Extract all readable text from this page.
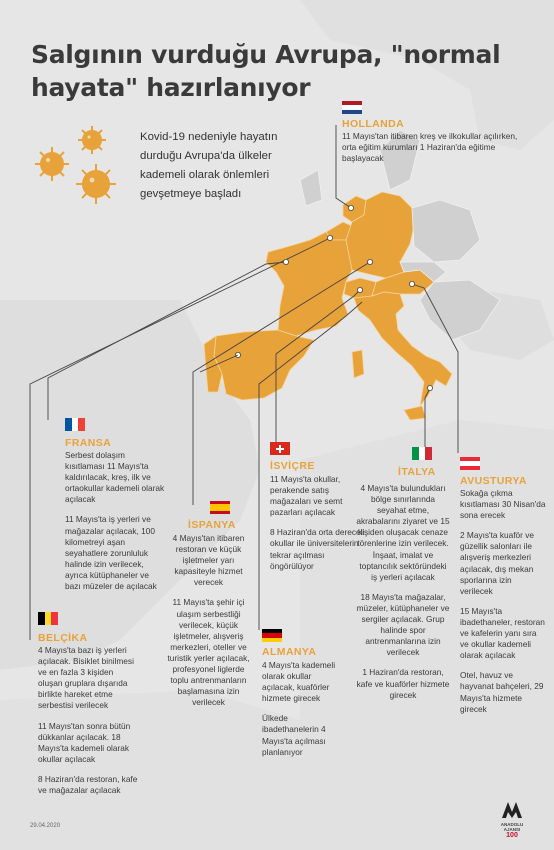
Salgının vurduğu Avrupa, "normal hayata" hazırlanıyor
Kovid-19 nedeniyle hayatın durduğu Avrupa'da ülkeler kademeli olarak önlemleri gevşetmeye başladı
HOLLANDA
11 Mayıs'tan itibaren kreş ve ilkokullar açılırken, orta eğitim kurumları 1 Haziran'da eğitime başlayacak
FRANSA

Serbest dolaşım kısıtlaması 11 Mayıs'ta kaldırılacak, kreş, ilk ve ortaokullar kademeli olarak açılacak

11 Mayıs'ta iş yerleri ve mağazalar açılacak, 100 kilometreyi aşan seyahatlere zorunluluk halinde izin verilecek, ayrıca kütüphaneler ve bazı müzeler de açılacak

BELÇİKA

4 Mayıs'ta bazı iş yerleri açılacak. Bisiklet binilmesi ve en fazla 3 kişiden oluşan gruplara dışarıda birlikte hareket etme serbestisi verilecek

11 Mayıs'tan sonra bütün dükkanlar açılacak. 18 Mayıs'ta kademeli olarak okullar açılacak

8 Haziran'da restoran, kafe ve mağazalar açılacak

İSPANYA

4 Mayıs'tan itibaren restoran ve küçük işletmeler yarı kapasiteyle hizmet verecek

11 Mayıs'ta şehir içi ulaşım serbestliği verilecek, küçük işletmeler, alışveriş merkezleri, oteller ve turistik yerler açılacak, profesyonel liglerde toplu antrenmanların başlamasına izin verilecek

İSVİÇRE

11 Mayıs'ta okullar, perakende satış mağazaları ve semt pazarları açılacak

8 Haziran'da orta dereceli okullar ile üniversitelerin tekrar açılması öngörülüyor

ALMANYA

4 Mayıs'ta kademeli olarak okullar açılacak, kuaförler hizmete girecek

Ülkede ibadethanelerin 4 Mayıs'ta açılması planlanıyor

İTALYA

4 Mayıs'ta bulundukları bölge sınırlarında seyahat etme, akrabalarını ziyaret ve 15 kişiden oluşacak cenaze törenlerine izin verilecek. İnşaat, imalat ve toptancılık sektöründeki iş yerleri açılacak

18 Mayıs'ta mağazalar, müzeler, kütüphaneler ve sergiler açılacak. Grup halinde spor antrenmanlarına izin verilecek

1 Haziran'da restoran, kafe ve kuaförler hizmete girecek

AVUSTURYA

Sokağa çıkma kısıtlaması 30 Nisan'da sona erecek

2 Mayıs'ta kuaför ve güzellik salonları ile alışveriş merkezleri açılacak, dış mekan sporlarına izin verilecek

15 Mayıs'ta ibadethaneler, restoran ve kafelerin yanı sıra ve okullar kademeli olarak açılacak

Otel, havuz ve hayvanat bahçeleri, 29 Mayıs'ta hizmete girecek

29.04.2020	ANADOLU AJANSI
100
